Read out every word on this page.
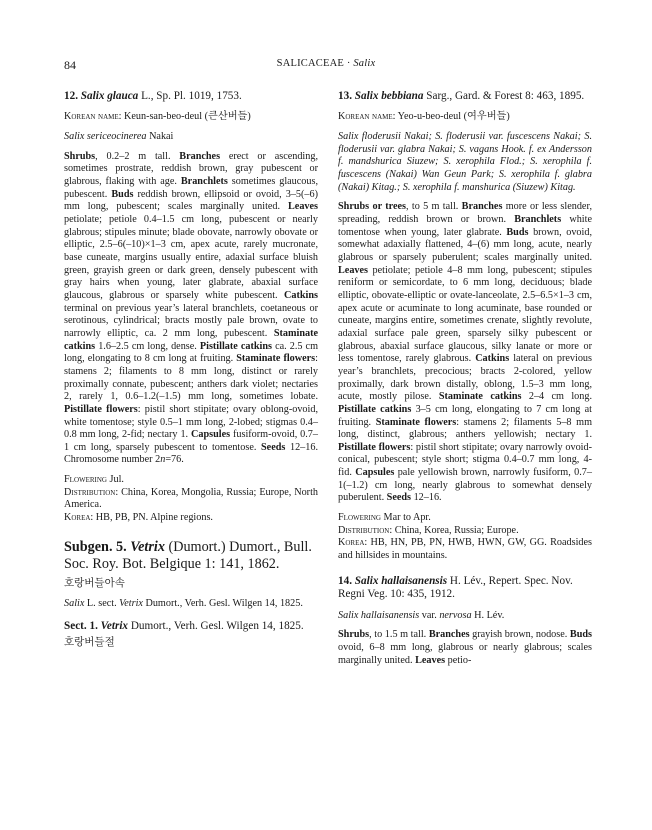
84	SALICACEAE · Salix

12. Salix glauca L., Sp. Pl. 1019, 1753.

Korean name: Keun-san-beo-deul (큰산버들)

Salix sericeocinerea Nakai

Shrubs, 0.2–2 m tall. Branches erect or ascending, sometimes prostrate, reddish brown, gray pubescent or glabrous, flaking with age. Branchlets sometimes glaucous, pubescent. Buds reddish brown, ellipsoid or ovoid, 3–5(–6) mm long, pubescent; scales marginally united. Leaves petiolate; petiole 0.4–1.5 cm long, pubescent or nearly glabrous; stipules minute; blade obovate, narrowly obovate or elliptic, 2.5–6(–10)×1–3 cm, apex acute, rarely mucronate, base cuneate, margins usually entire, adaxial surface bluish green, grayish green or dark green, densely pubescent with gray hairs when young, later glabrate, abaxial surface glaucous, glabrous or sparsely white pubescent. Catkins terminal on previous year’s lateral branchlets, coetaneous or serotinous, cylindrical; bracts mostly pale brown, ovate to narrowly elliptic, ca. 2 mm long, pubescent. Staminate catkins 1.6–2.5 cm long, dense. Pistillate catkins ca. 2.5 cm long, elongating to 8 cm long at fruiting. Staminate flowers: stamens 2; filaments to 8 mm long, distinct or rarely proximally connate, pubescent; anthers dark violet; nectaries 2, rarely 1, 0.6–1.2(–1.5) mm long, sometimes lobate. Pistillate flowers: pistil short stipitate; ovary oblong-ovoid, white tomentose; style 0.5–1 mm long, 2-lobed; stigmas 0.4–0.8 mm long, 2-fid; nectary 1. Capsules fusiform-ovoid, 0.7–1 cm long, sparsely pubescent to tomentose. Seeds 12–16. Chromosome number 2n=76.

Flowering Jul.

Distribution: China, Korea, Mongolia, Russia; Europe, North America.

Korea: HB, PB, PN. Alpine regions.

Subgen. 5. Vetrix (Dumort.) Dumort., Bull. Soc. Roy. Bot. Belgique 1: 141, 1862.
호랑버들아속

Salix L. sect. Vetrix Dumort., Verh. Gesl. Wilgen 14, 1825.

Sect. 1. Vetrix Dumort., Verh. Gesl. Wilgen 14, 1825.
호랑버들절

13. Salix bebbiana Sarg., Gard. & Forest 8: 463, 1895.

Korean name: Yeo-u-beo-deul (여우버들)

Salix floderusii Nakai; S. floderusii var. fuscescens Nakai; S. floderusii var. glabra Nakai; S. vagans Hook. f. ex Andersson f. mandshurica Siuzew; S. xerophila Flod.; S. xerophila f. fuscescens (Nakai) Wan Geun Park; S. xerophila f. glabra (Nakai) Kitag.; S. xerophila f. manshurica (Siuzew) Kitag.

Shrubs or trees, to 5 m tall. Branches more or less slender, spreading, reddish brown or brown. Branchlets white tomentose when young, later glabrate. Buds brown, ovoid, somewhat adaxially flattened, 4–(6) mm long, acute, nearly glabrous or sparsely puberulent; scales marginally united. Leaves petiolate; petiole 4–8 mm long, pubescent; stipules reniform or semicordate, to 6 mm long, deciduous; blade elliptic, obovate-elliptic or ovate-lanceolate, 2.5–6.5×1–3 cm, apex acute or acuminate to long acuminate, base rounded or cuneate, margins entire, sometimes crenate, slightly revolute, adaxial surface pale green, sparsely silky pubescent or glabrous, abaxial surface glaucous, silky lanate or more or less tomentose, rarely glabrous. Catkins lateral on previous year’s branchlets, precocious; bracts 2-colored, yellow proximally, dark brown distally, oblong, 1.5–3 mm long, acute, mostly pilose. Staminate catkins 2–4 cm long. Pistillate catkins 3–5 cm long, elongating to 7 cm long at fruiting. Staminate flowers: stamens 2; filaments 5–8 mm long, distinct, glabrous; anthers yellowish; nectary 1. Pistillate flowers: pistil short stipitate; ovary narrowly ovoid-conical, pubescent; style short; stigma 0.4–0.7 mm long, 4-fid. Capsules pale yellowish brown, narrowly fusiform, 0.7–1(–1.2) cm long, nearly glabrous to somewhat densely puberulent. Seeds 12–16.

Flowering Mar to Apr.

Distribution: China, Korea, Russia; Europe.

Korea: HB, HN, PB, PN, HWB, HWN, GW, GG. Roadsides and hillsides in mountains.

14. Salix hallaisanensis H. Lév., Repert. Spec. Nov. Regni Veg. 10: 435, 1912.

Salix hallaisanensis var. nervosa H. Lév.

Shrubs, to 1.5 m tall. Branches grayish brown, nodose. Buds ovoid, 6–8 mm long, glabrous or nearly glabrous; scales marginally united. Leaves petio-
